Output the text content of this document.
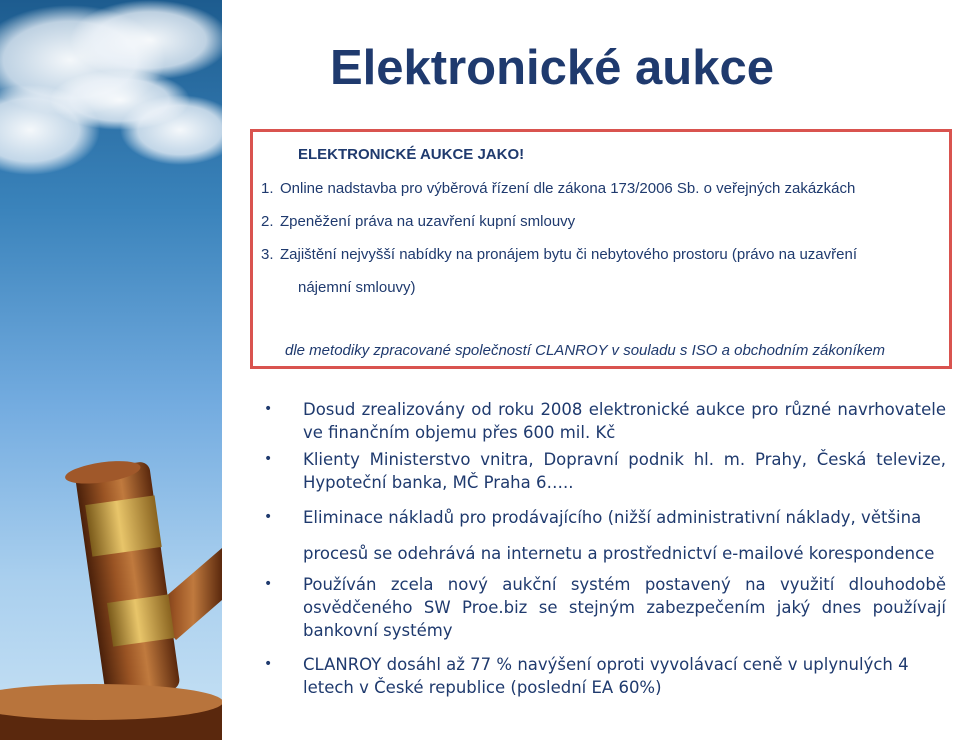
Elektronické aukce
ELEKTRONICKÉ AUKCE JAKO!
1. Online nadstavba pro výběrová řízení dle zákona 173/2006 Sb. o veřejných zakázkách
2. Zpeněžení práva na uzavření kupní smlouvy
3. Zajištění nejvyšší nabídky na pronájem bytu či nebytového prostoru (právo na uzavření
nájemní smlouvy)
dle metodiky zpracované společností CLANROY v souladu s ISO a obchodním zákoníkem
• Dosud zrealizovány od roku 2008 elektronické aukce pro různé navrhovatele ve finančním objemu přes 600 mil. Kč
• Klienty Ministerstvo vnitra, Dopravní podnik hl. m. Prahy, Česká televize, Hypoteční banka, MČ Praha 6…..
• Eliminace nákladů pro prodávajícího (nižší administrativní náklady, většina
procesů se odehrává na internetu a prostřednictví e-mailové korespondence
• Používán zcela nový aukční systém postavený na využití dlouhodobě osvědčeného SW Proe.biz se stejným zabezpečením jaký dnes používají bankovní systémy
• CLANROY dosáhl až 77 % navýšení oproti vyvolávací ceně v uplynulých 4 letech v České republice (poslední EA 60%)
